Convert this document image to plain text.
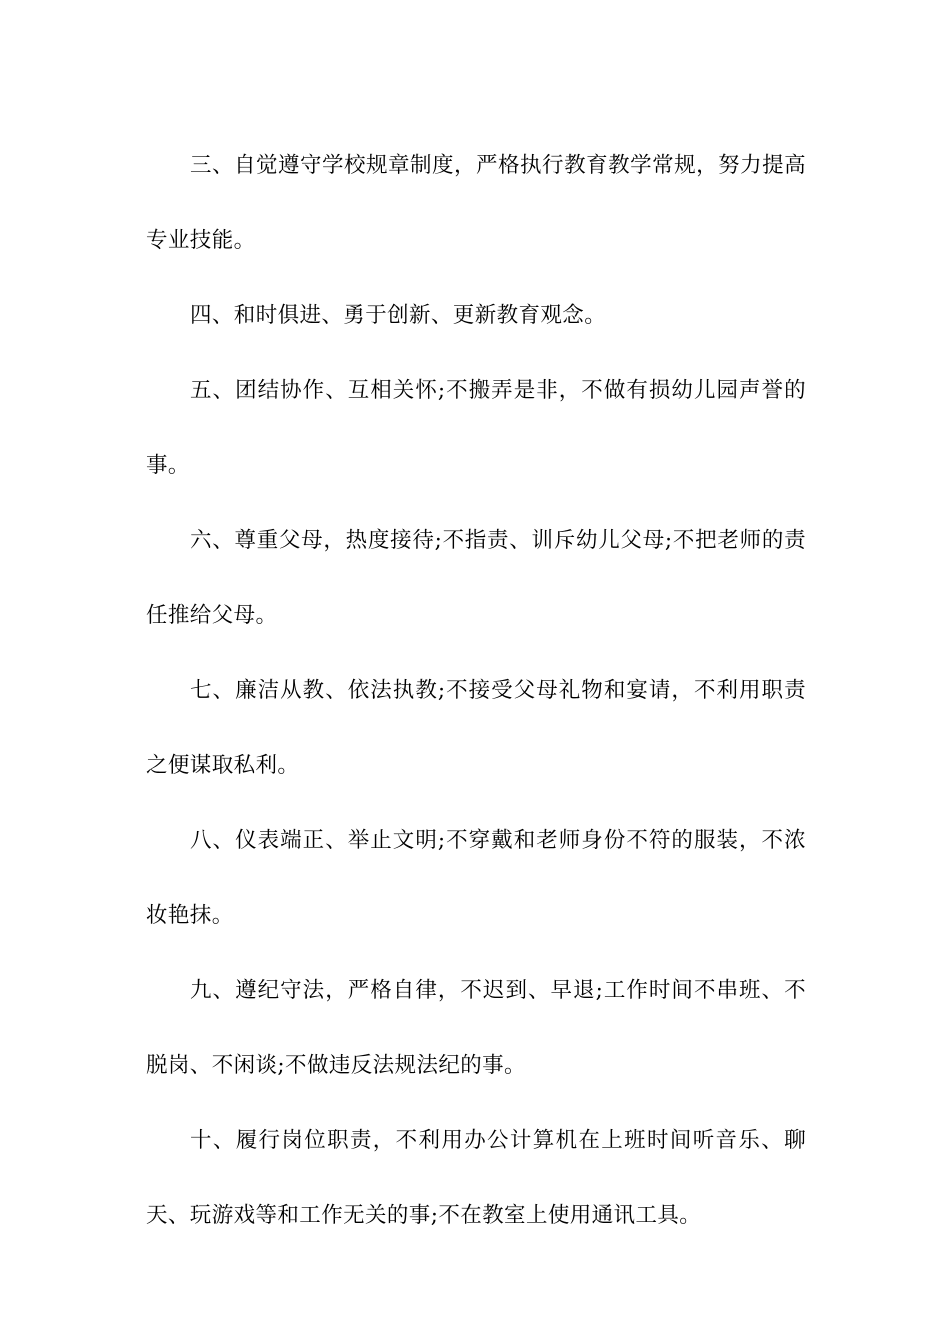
三、自觉遵守学校规章制度，严格执行教育教学常规，努力提高专业技能。

四、和时俱进、勇于创新、更新教育观念。

五、团结协作、互相关怀;不搬弄是非，不做有损幼儿园声誉的事。

六、尊重父母，热度接待;不指责、训斥幼儿父母;不把老师的责任推给父母。

七、廉洁从教、依法执教;不接受父母礼物和宴请，不利用职责之便谋取私利。

八、仪表端正、举止文明;不穿戴和老师身份不符的服装，不浓妆艳抹。

九、遵纪守法，严格自律，不迟到、早退;工作时间不串班、不脱岗、不闲谈;不做违反法规法纪的事。

十、履行岗位职责，不利用办公计算机在上班时间听音乐、聊天、玩游戏等和工作无关的事;不在教室上使用通讯工具。
